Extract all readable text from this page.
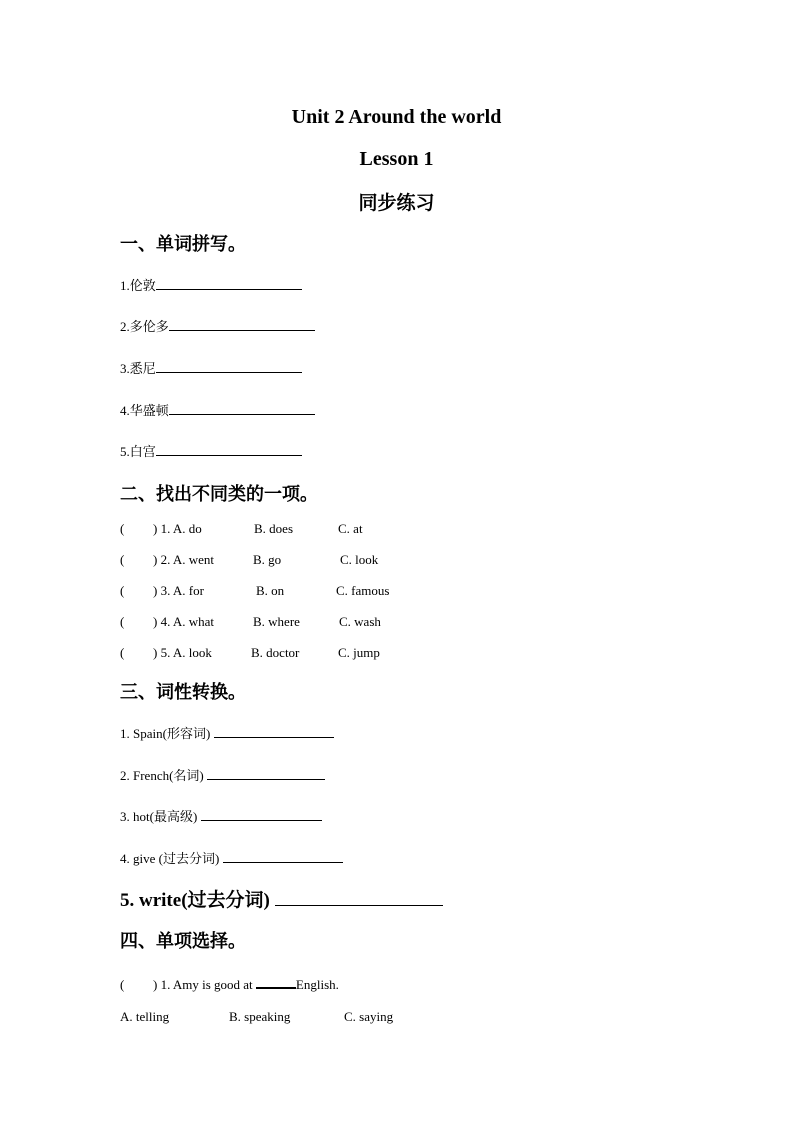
Unit 2 Around the world
Lesson 1
同步练习
一、单词拼写。
1.伦敦
2.多伦多
3.悉尼
4.华盛顿
5.白宫
二、找出不同类的一项。
( ) 1. A. do	B. does	C. at
( ) 2. A. went	B. go	C. look
( ) 3. A. for	B. on	C. famous
( ) 4. A. what	B. where	C. wash
( ) 5. A. look	B. doctor	C. jump
三、词性转换。
1. Spain(形容词)
2. French(名词)
3. hot(最高级)
4. give (过去分词)
5. write(过去分词)
四、单项选择。
( ) 1. Amy is good at	English.
A. telling	B. speaking	C. saying
